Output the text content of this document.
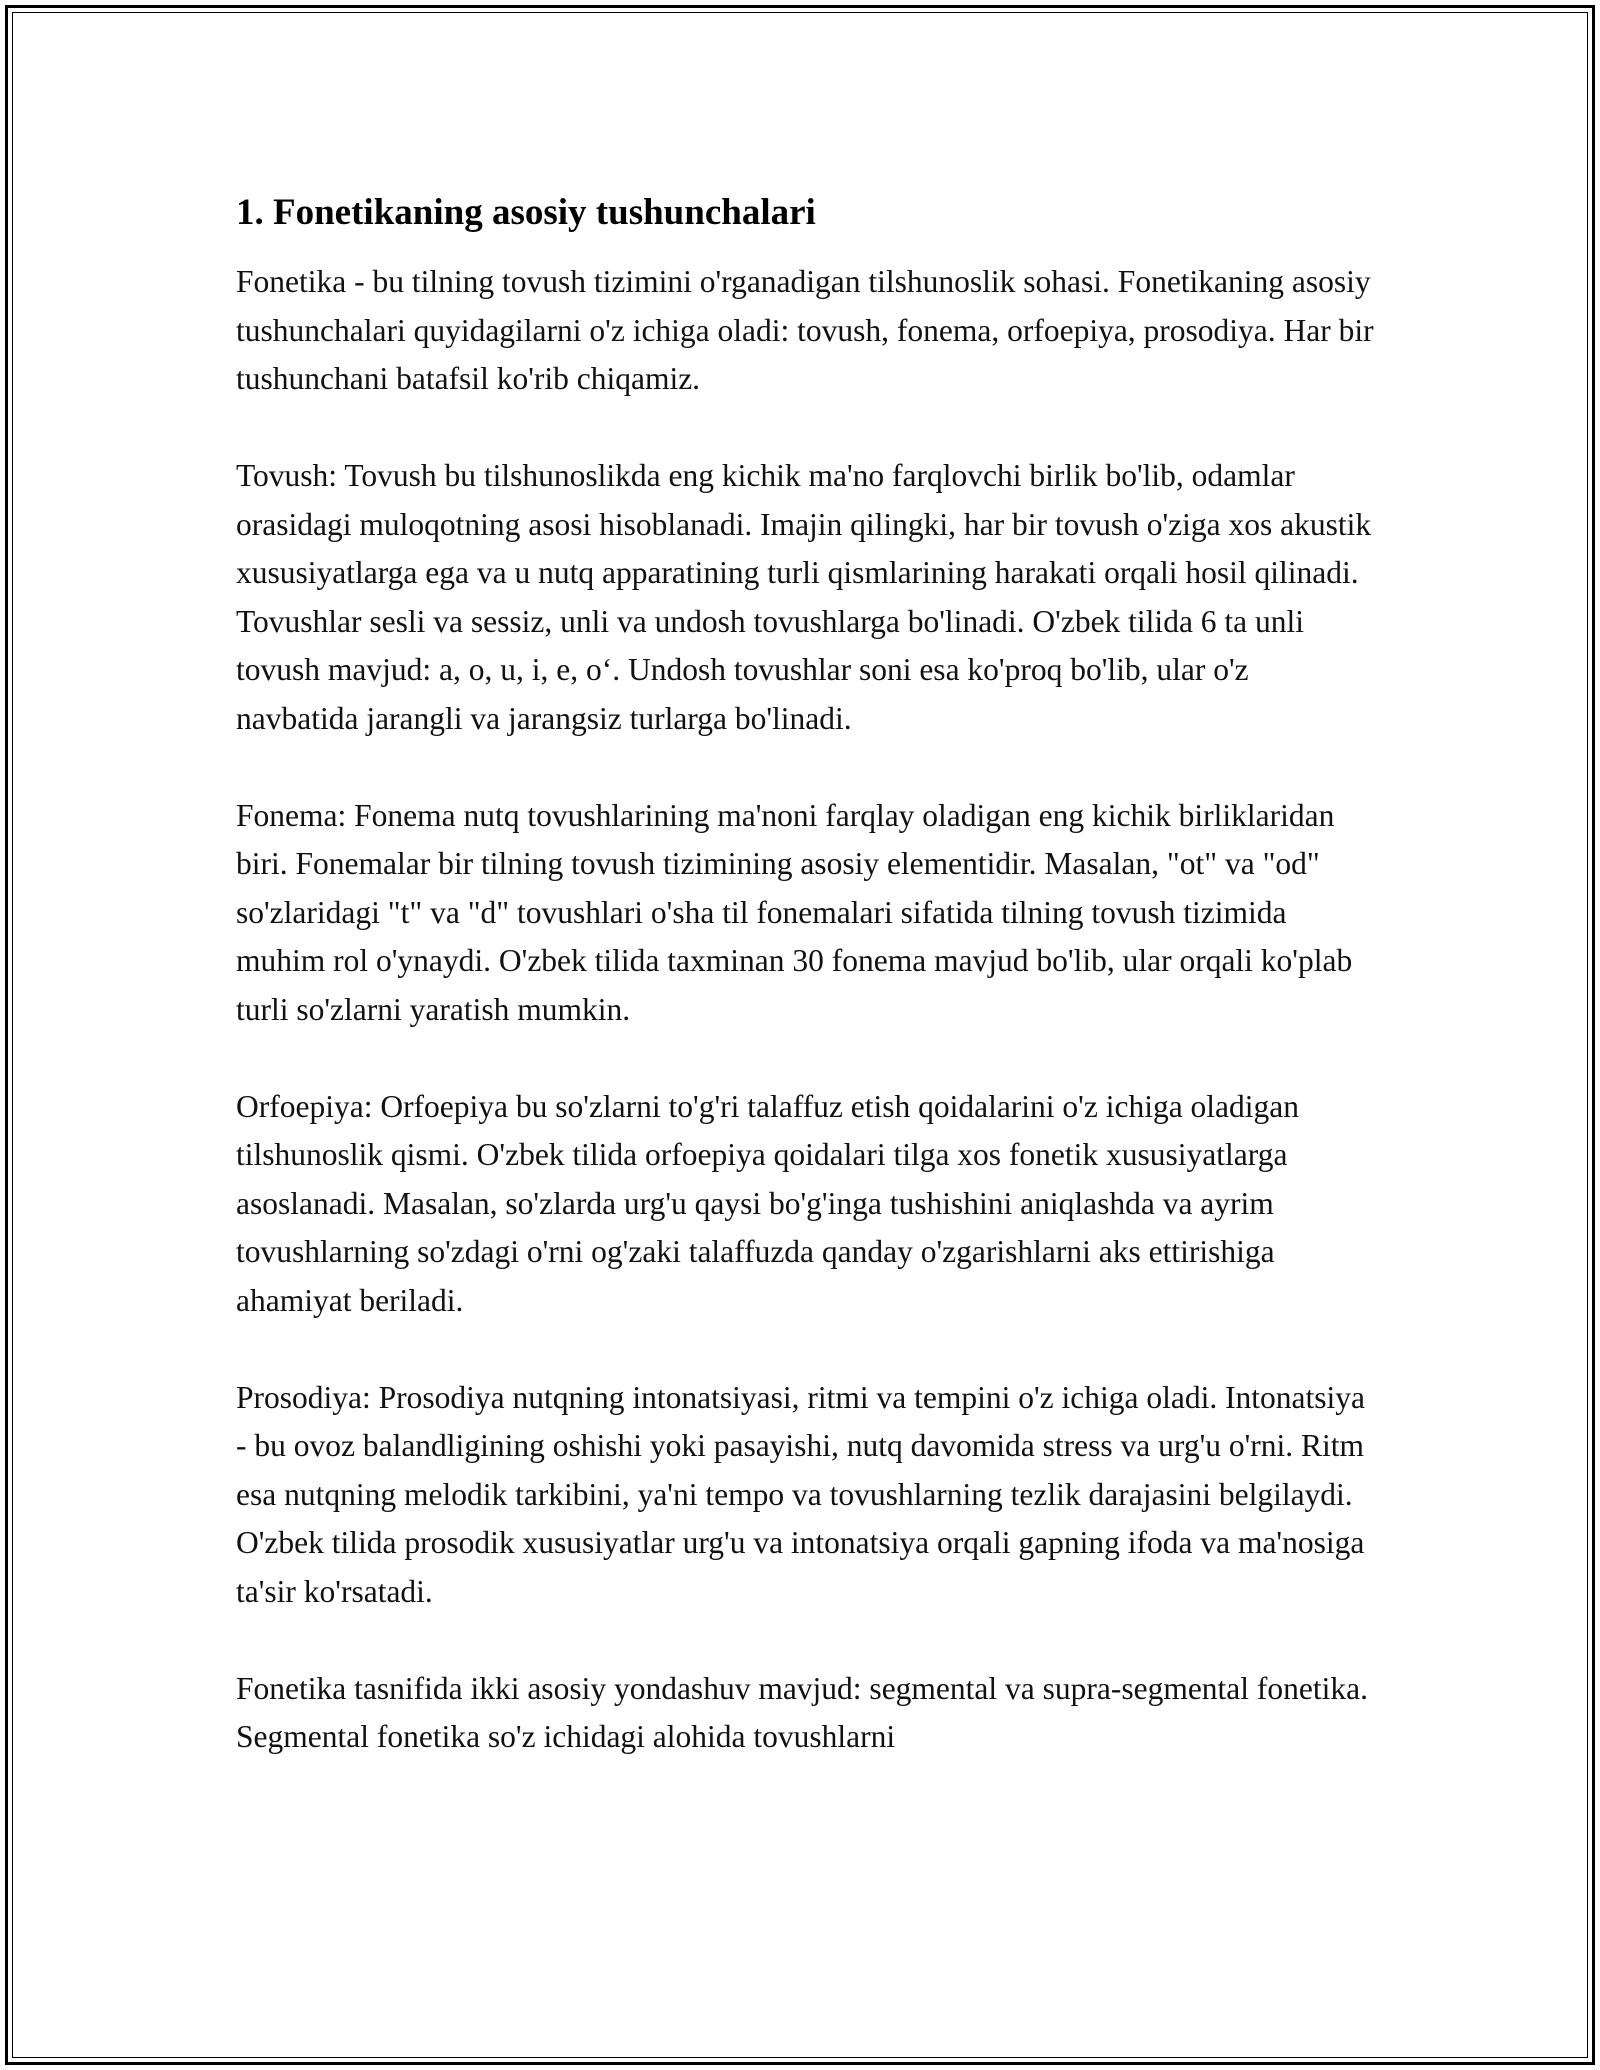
1. Fonetikaning asosiy tushunchalari

Fonetika - bu tilning tovush tizimini o'rganadigan tilshunoslik sohasi. Fonetikaning asosiy tushunchalari quyidagilarni o'z ichiga oladi: tovush, fonema, orfoepiya, prosodiya. Har bir tushunchani batafsil ko'rib chiqamiz.

Tovush: Tovush bu tilshunoslikda eng kichik ma'no farqlovchi birlik bo'lib, odamlar orasidagi muloqotning asosi hisoblanadi. Imajin qilingki, har bir tovush o'ziga xos akustik xususiyatlarga ega va u nutq apparatining turli qismlarining harakati orqali hosil qilinadi. Tovushlar sesli va sessiz, unli va undosh tovushlarga bo'linadi. O'zbek tilida 6 ta unli tovush mavjud: a, o, u, i, e, o‘. Undosh tovushlar soni esa ko'proq bo'lib, ular o'z navbatida jarangli va jarangsiz turlarga bo'linadi.

Fonema: Fonema nutq tovushlarining ma'noni farqlay oladigan eng kichik birliklaridan biri. Fonemalar bir tilning tovush tizimining asosiy elementidir. Masalan, "ot" va "od" so'zlaridagi "t" va "d" tovushlari o'sha til fonemalari sifatida tilning tovush tizimida muhim rol o'ynaydi. O'zbek tilida taxminan 30 fonema mavjud bo'lib, ular orqali ko'plab turli so'zlarni yaratish mumkin.

Orfoepiya: Orfoepiya bu so'zlarni to'g'ri talaffuz etish qoidalarini o'z ichiga oladigan tilshunoslik qismi. O'zbek tilida orfoepiya qoidalari tilga xos fonetik xususiyatlarga asoslanadi. Masalan, so'zlarda urg'u qaysi bo'g'inga tushishini aniqlashda va ayrim tovushlarning so'zdagi o'rni og'zaki talaffuzda qanday o'zgarishlarni aks ettirishiga ahamiyat beriladi.

Prosodiya: Prosodiya nutqning intonatsiyasi, ritmi va tempini o'z ichiga oladi. Intonatsiya - bu ovoz balandligining oshishi yoki pasayishi, nutq davomida stress va urg'u o'rni. Ritm esa nutqning melodik tarkibini, ya'ni tempo va tovushlarning tezlik darajasini belgilaydi. O'zbek tilida prosodik xususiyatlar urg'u va intonatsiya orqali gapning ifoda va ma'nosiga ta'sir ko'rsatadi.

Fonetika tasnifida ikki asosiy yondashuv mavjud: segmental va supra-segmental fonetika. Segmental fonetika so'z ichidagi alohida tovushlarni
